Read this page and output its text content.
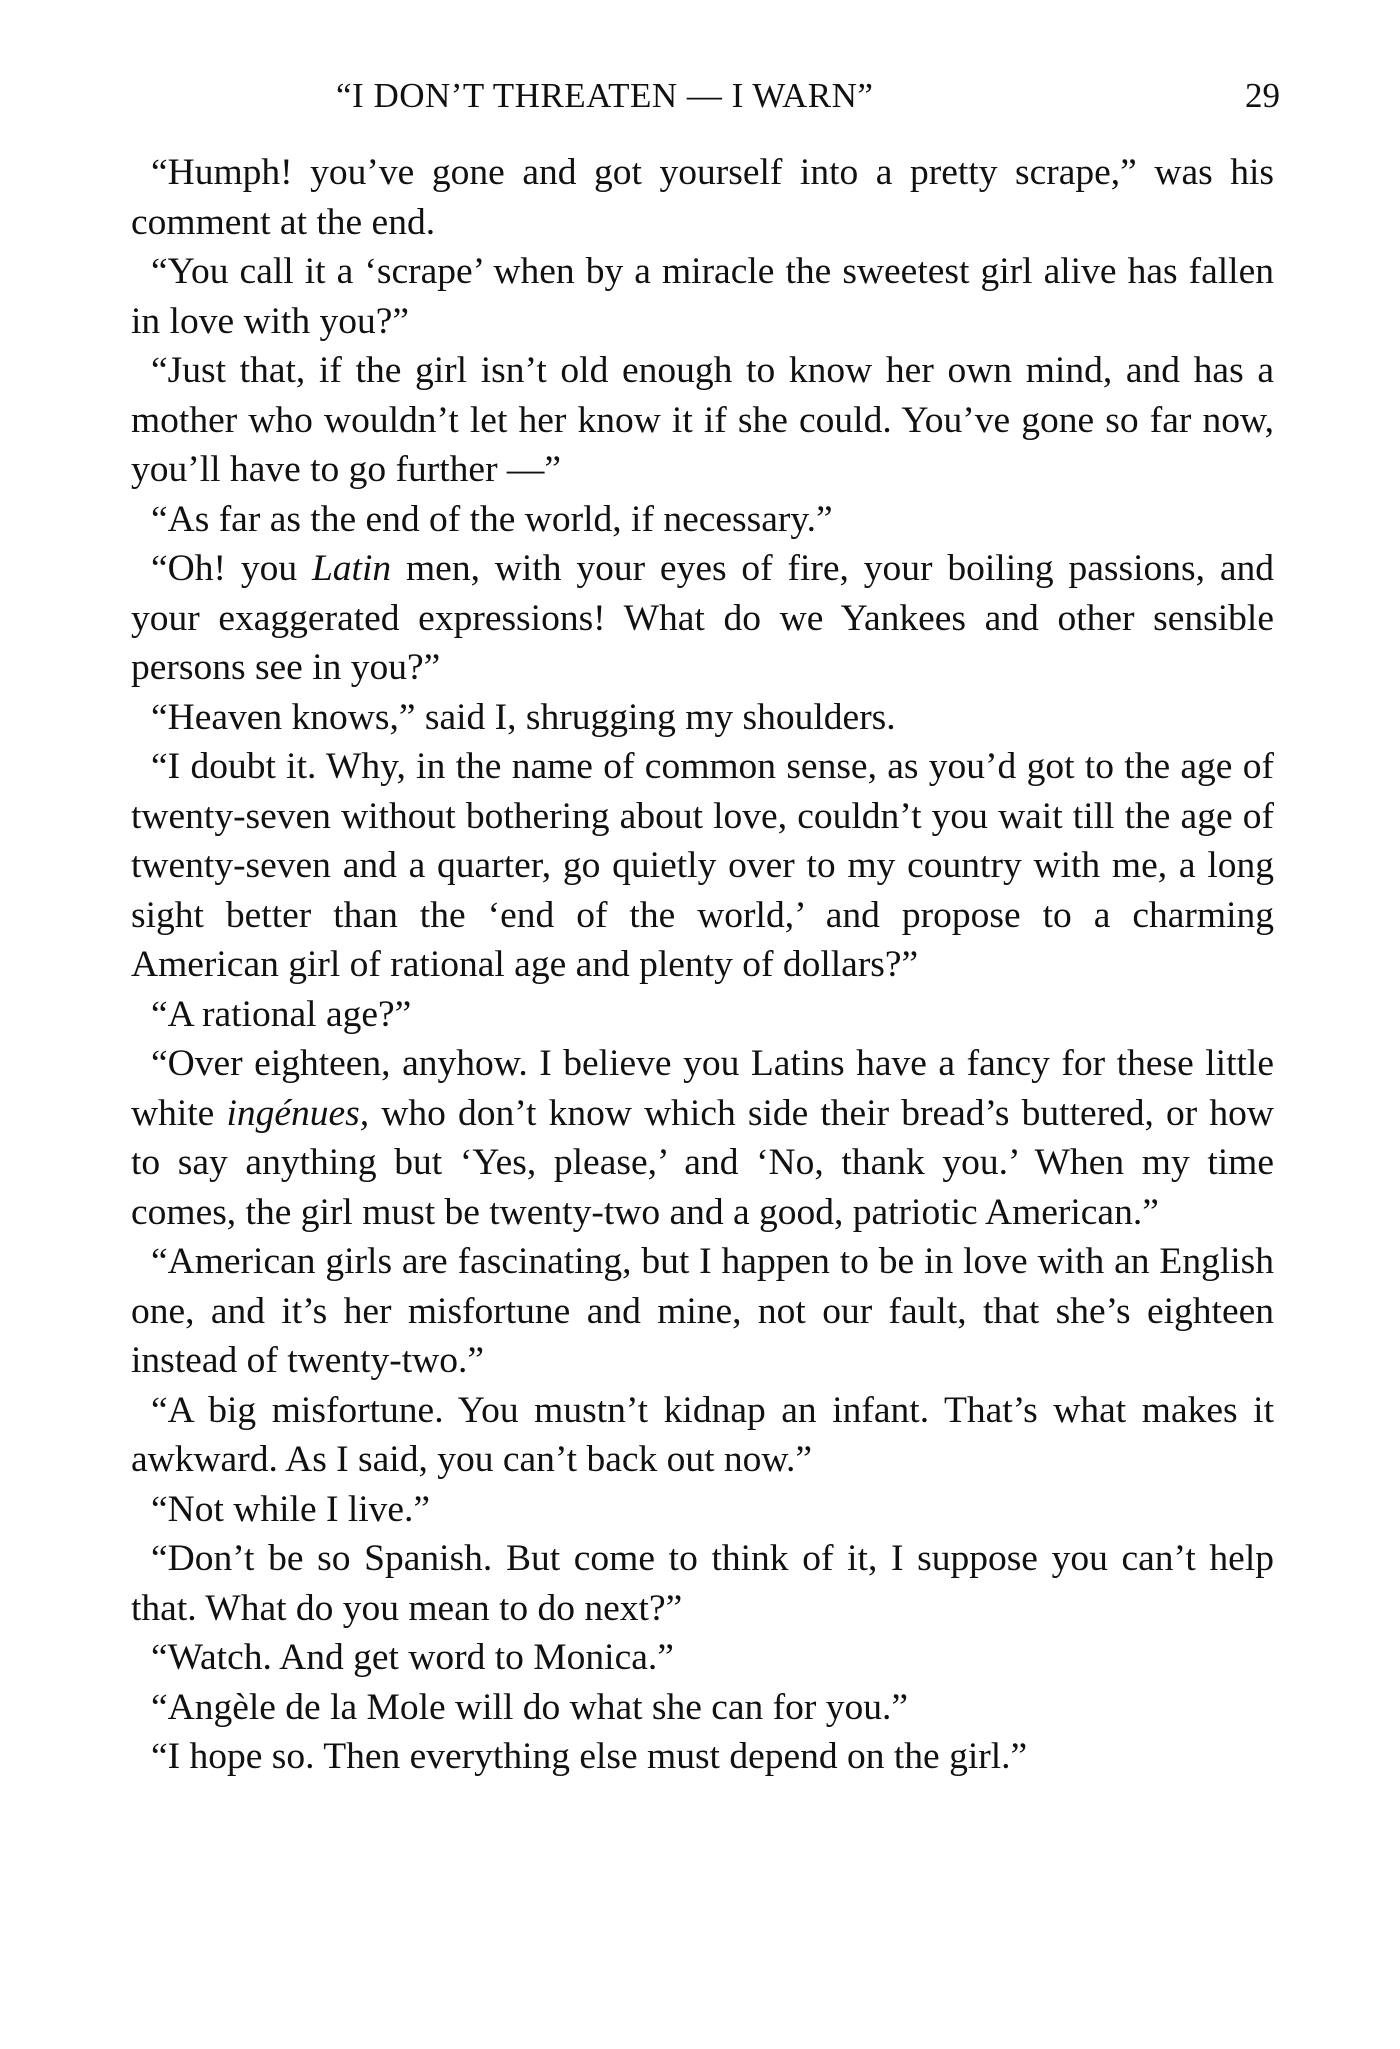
“I DON’T THREATEN — I WARN”	29

“Humph! you’ve gone and got yourself into a pretty scrape,” was his comment at the end.

“You call it a ‘scrape’ when by a miracle the sweetest girl alive has fallen in love with you?”

“Just that, if the girl isn’t old enough to know her own mind, and has a mother who wouldn’t let her know it if she could. You’ve gone so far now, you’ll have to go further —”

“As far as the end of the world, if necessary.”

“Oh! you Latin men, with your eyes of fire, your boiling passions, and your exaggerated expressions! What do we Yankees and other sensible persons see in you?”

“Heaven knows,” said I, shrugging my shoulders.

“I doubt it. Why, in the name of common sense, as you’d got to the age of twenty-seven without bothering about love, couldn’t you wait till the age of twenty-seven and a quarter, go quietly over to my country with me, a long sight better than the ‘end of the world,’ and propose to a charming American girl of rational age and plenty of dollars?”

“A rational age?”

“Over eighteen, anyhow. I believe you Latins have a fancy for these little white ingénues, who don’t know which side their bread’s buttered, or how to say anything but ‘Yes, please,’ and ‘No, thank you.’ When my time comes, the girl must be twenty-two and a good, patriotic American.”

“American girls are fascinating, but I happen to be in love with an English one, and it’s her misfortune and mine, not our fault, that she’s eighteen instead of twenty-two.”

“A big misfortune. You mustn’t kidnap an infant. That’s what makes it awkward. As I said, you can’t back out now.”

“Not while I live.”

“Don’t be so Spanish. But come to think of it, I suppose you can’t help that. What do you mean to do next?”

“Watch. And get word to Monica.”

“Angèle de la Mole will do what she can for you.”

“I hope so. Then everything else must depend on the girl.”
